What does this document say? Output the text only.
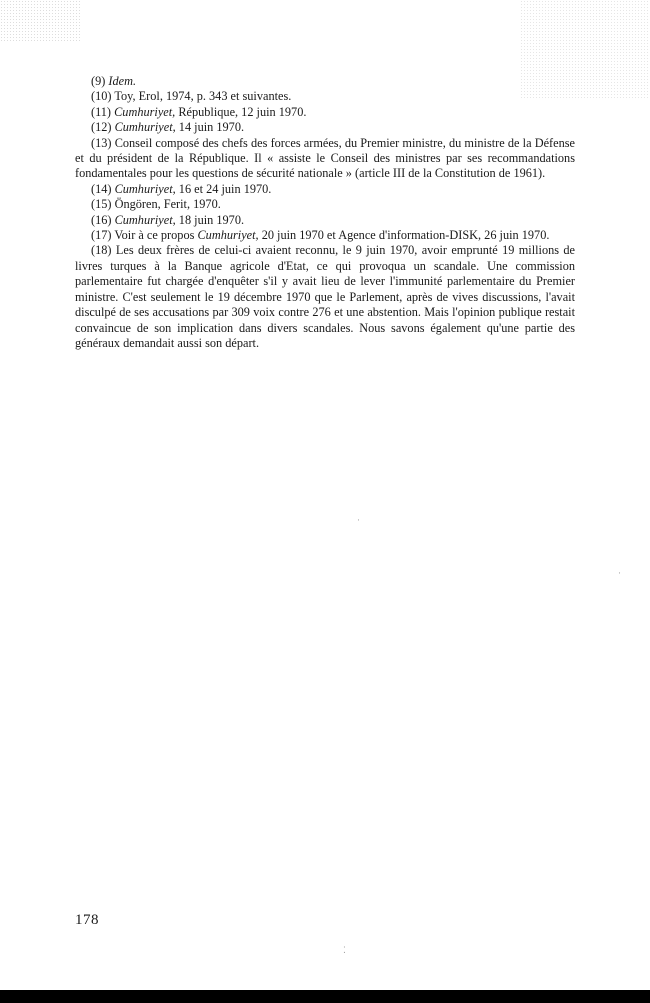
(9) Idem.

(10) Toy, Erol, 1974, p. 343 et suivantes.

(11) Cumhuriyet, République, 12 juin 1970.

(12) Cumhuriyet, 14 juin 1970.

(13) Conseil composé des chefs des forces armées, du Premier ministre, du ministre de la Défense et du président de la République. Il « assiste le Conseil des ministres par ses recommandations fondamentales pour les questions de sécurité nationale » (article III de la Constitution de 1961).

(14) Cumhuriyet, 16 et 24 juin 1970.

(15) Öngören, Ferit, 1970.

(16) Cumhuriyet, 18 juin 1970.

(17) Voir à ce propos Cumhuriyet, 20 juin 1970 et Agence d'information-DISK, 26 juin 1970.

(18) Les deux frères de celui-ci avaient reconnu, le 9 juin 1970, avoir emprunté 19 millions de livres turques à la Banque agricole d'Etat, ce qui provoqua un scandale. Une commission parlementaire fut chargée d'enquêter s'il y avait lieu de lever l'immunité parlementaire du Premier ministre. C'est seulement le 19 décembre 1970 que le Parlement, après de vives discussions, l'avait disculpé de ses accusations par 309 voix contre 276 et une abstention. Mais l'opinion publique restait convaincue de son implication dans divers scandales. Nous savons également qu'une partie des généraux demandait aussi son départ.

·
·
⁚
178
